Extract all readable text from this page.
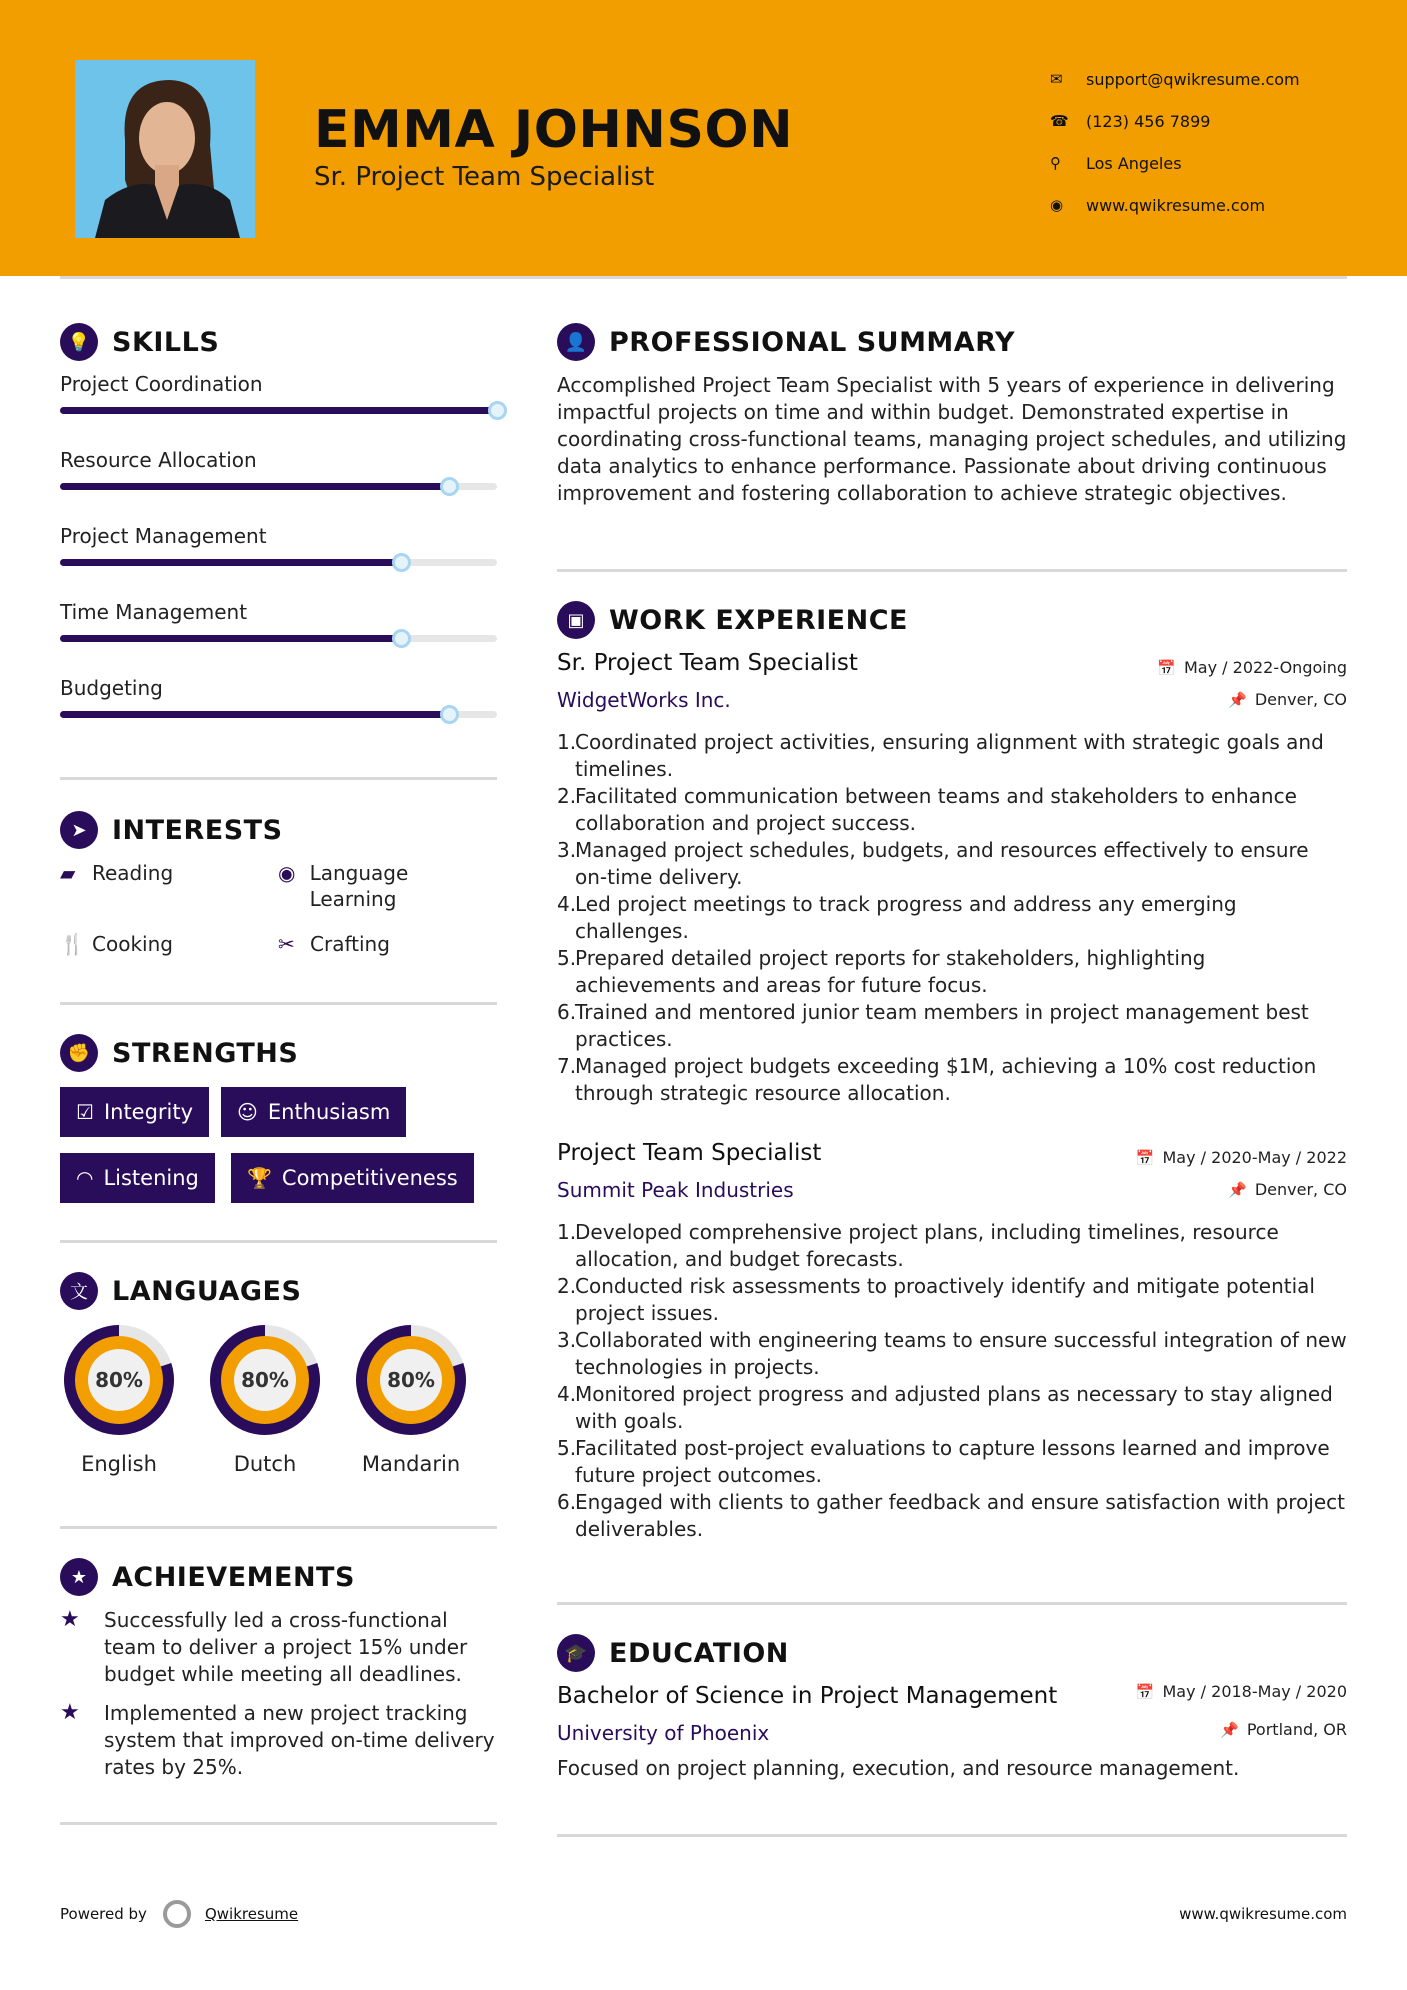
EMMA JOHNSON
Sr. Project Team Specialist
✉	support@qwikresume.com
☎	(123) 456 7899
⚲	Los Angeles
◉	www.qwikresume.com
💡 SKILLS
Project Coordination
Resource Allocation
Project Management
Time Management
Budgeting
➤ INTERESTS
▰ Reading	◉ Language Learning
🍴 Cooking	✂ Crafting
✊ STRENGTHS
☑ Integrity ☺ Enthusiasm
◠ Listening 🏆 Competitiveness
文 LANGUAGES
80%
English
80%
Dutch
80%
Mandarin
★ ACHIEVEMENTS
★	Successfully led a cross-functional team to deliver a project 15% under budget while meeting all deadlines.
★	Implemented a new project tracking system that improved on-time delivery rates by 25%.
👤 PROFESSIONAL SUMMARY
Accomplished Project Team Specialist with 5 years of experience in delivering impactful projects on time and within budget. Demonstrated expertise in coordinating cross-functional teams, managing project schedules, and utilizing data analytics to enhance performance. Passionate about driving continuous improvement and fostering collaboration to achieve strategic objectives.
▣ WORK EXPERIENCE
Sr. Project Team Specialist	📅 May / 2022-Ongoing
WidgetWorks Inc.	📌 Denver, CO
1.
Coordinated project activities, ensuring alignment with strategic goals and timelines.
2.
Facilitated communication between teams and stakeholders to enhance collaboration and project success.
3.
Managed project schedules, budgets, and resources effectively to ensure on-time delivery.
4.
Led project meetings to track progress and address any emerging challenges.
5.
Prepared detailed project reports for stakeholders, highlighting achievements and areas for future focus.
6.
Trained and mentored junior team members in project management best practices.
7.
Managed project budgets exceeding $1M, achieving a 10% cost reduction through strategic resource allocation.
Project Team Specialist	📅 May / 2020-May / 2022
Summit Peak Industries	📌 Denver, CO
1.
Developed comprehensive project plans, including timelines, resource allocation, and budget forecasts.
2.
Conducted risk assessments to proactively identify and mitigate potential project issues.
3.
Collaborated with engineering teams to ensure successful integration of new technologies in projects.
4.
Monitored project progress and adjusted plans as necessary to stay aligned with goals.
5.
Facilitated post-project evaluations to capture lessons learned and improve future project outcomes.
6.
Engaged with clients to gather feedback and ensure satisfaction with project deliverables.
🎓 EDUCATION
Bachelor of Science in Project Management	📅 May / 2018-May / 2020
University of Phoenix	📌 Portland, OR
Focused on project planning, execution, and resource management.
Powered by	Qwikresume	www.qwikresume.com
